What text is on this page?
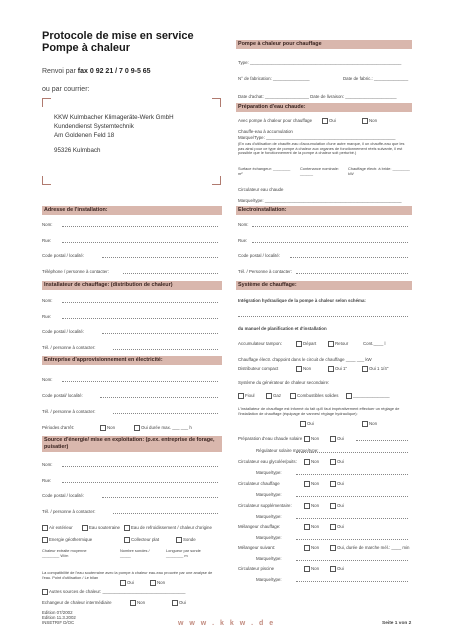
Protocole de mise en service
Pompe à chaleur
Renvoi par fax 0 92 21 / 7 0 9-5 65
ou par courrier:
KKW Kulmbacher Klimageräte-Werk GmbH
Kundendienst Systemtechnik
Am Goldenen Feld 18
95326 Kulmbach
Pompe à chaleur pour chauffage
Type: ______________________________________________________________
N° de fabrication: _______________	Date de fabric.: ______________
Date d'achat: __________________ Date de livraison: _____________________
Préparation d'eau chaude:
Avec pompe à chaleur pour chauffage	Oui	Non
Chauffe-eau à accumulation
Marque/Type: _____________________________________________________
(En cas d'utilisation de chauffe-eau d'accumulation d'une autre marque, il un chauffe-eau que les pas ainsi pour ce type de pompe à chaleur aux organes de fonctionnement réels suivante, il est possible que le fonctionnement de la pompe à chaleur soit perturbé.)
Surface échangeur: ________ m²
Contenance nominale: ______
Chauffage électr. à bride: ________ kW
Circulateur eau chaude
Marque/type: ________________________________________________________
Electroinstallation:
Nom:
Rue:
Code postal / localité:
Tél. / Personne à contacter:
Système de chauffage:
Intégration hydraulique de la pompe à chaleur selon schéma:
du manuel de planification et d'installation
Accumulateur tampon:	Départ	Retour	Cont.____ l
Chauffage électr. d'appoint dans le circuit de chauffage ____ ___ kW
Distributeur compact	Non	Oui 1"	Oui 1 1/4"
Système du générateur de chaleur secondaire:
Fioul	Gaz	Combustibles solides	_______________
L'installateur de chauffage est informé du fait qu'il faut impérativement effectuer un réglage de l'installation de chauffage (équipage de vannes/ réglage hydraulique):
Oui	Non
Préparation d'eau chaude solaire	Non	Oui
Régulateur solaire marque/type:
Circulateur eau glycolée/puits:	Non	Oui
Marque/type:
Circulateur chauffage	Non	Oui
Marque/type:
Circulateur supplémentaire:	Non	Oui
Marque/type:
Mélangeur chauffage:	Non	Oui
Marque/type:
Mélangeur suivant:	Non	Oui, durée de marche mél.: ____ min
Marque/type:
Circulateur piscine	Non	Oui
Marque/type:
Adresse de l'installation:
Nom:
Rue:
Code postal / localité:
Téléphone / personne à contacter:
Installateur de chauffage: (distribution de chaleur)
Nom:
Rue:
Code postal / localité:
Tél. / personne à contacter:
Entreprise d'approvisionnement en électricité:
Nom:
Code postal/ localité:
Tél. / personne à contacter:
Périodes d'arrêt:	Non	Oui durée max. ___ ___ h
Source d'énergie/ mise en exploitation: (p.ex. entreprise de forage, puisatier)
Nom:
Rue:
Code postal / localité:
Tél. / personne à contacter:
Air extérieur	Eau souterraine	Eau de refroidissement / chaleur d'origine
Energie géothermique	Collecteur plat	Sonde
Chaleur extraite moyenne ________ W/m
Nombre sondes / _____
Longueur par sonde ________ m
La compatibilité de l'eau souterraine avec la pompe à chaleur eau-eau prouvée par une analyse de l'eau. Point d'utilisation / Le bilan
Oui	Non
Autres sources de chaleur: __________________________________
Echangeur de chaleur intermédiaire	Non	Oui
Edition 07/2002
Edition 11.3.2002
INSETRIF D/OC	w w w . k k w . d e	Seite 1 von 2
